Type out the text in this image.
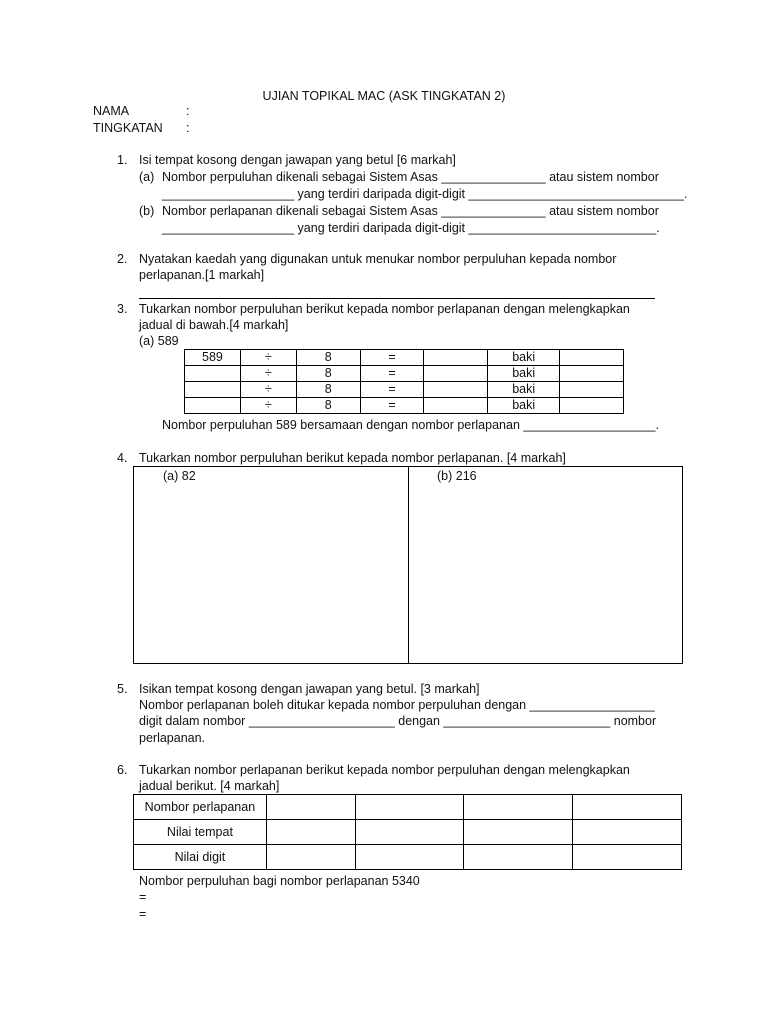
UJIAN TOPIKAL MAC (ASK TINGKATAN 2)
NAMA	:
TINGKATAN :
1. Isi tempat kosong dengan jawapan yang betul [6 markah]
(a) Nombor perpuluhan dikenali sebagai Sistem Asas _______________ atau sistem nombor
___________________ yang terdiri daripada digit-digit _______________________________.
(b) Nombor perlapanan dikenali sebagai Sistem Asas _______________ atau sistem nombor
___________________ yang terdiri daripada digit-digit ___________________________.
2. Nyatakan kaedah yang digunakan untuk menukar nombor perpuluhan kepada nombor
perlapanan.[1 markah]
3. Tukarkan nombor perpuluhan berikut kepada nombor perlapanan dengan melengkapkan
jadual di bawah.[4 markah]
(a) 589
589	÷	8	=		baki	
	÷	8	=		baki	
	÷	8	=		baki	
	÷	8	=		baki	
Nombor perpuluhan 589 bersamaan dengan nombor perlapanan ___________________.
4. Tukarkan nombor perpuluhan berikut kepada nombor perlapanan. [4 markah]
(a) 82	(b) 216
5. Isikan tempat kosong dengan jawapan yang betul. [3 markah]
Nombor perlapanan boleh ditukar kepada nombor perpuluhan dengan __________________
digit dalam nombor _____________________ dengan ________________________ nombor
perlapanan.
6. Tukarkan nombor perlapanan berikut kepada nombor perpuluhan dengan melengkapkan
jadual berikut. [4 markah]
Nombor perlapanan				
Nilai tempat				
Nilai digit				
Nombor perpuluhan bagi nombor perlapanan 5340
=
=
